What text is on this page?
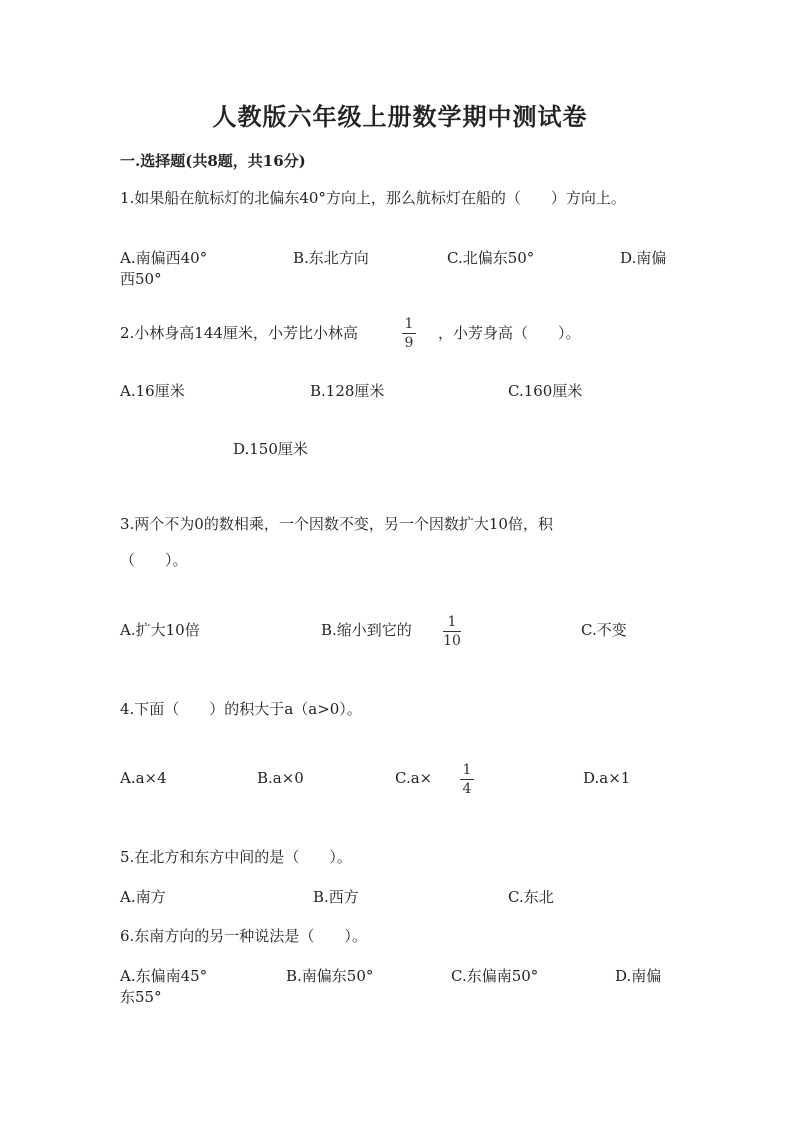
人教版六年级上册数学期中测试卷
一.选择题(共8题，共16分)
1.如果船在航标灯的北偏东40°方向上，那么航标灯在船的（　　）方向上。
A.南偏西40°	B.东北方向	C.北偏东50°	D.南偏
西50°
2.小林身高144厘米，小芳比小林高	1
9
，小芳身高（　　）。
A.16厘米	B.128厘米	C.160厘米
D.150厘米
3.两个不为0的数相乘，一个因数不变，另一个因数扩大10倍，积
（　　）。
A.扩大10倍	B.缩小到它的	1
10
C.不变
4.下面（　　）的积大于a（a>0）。
A.a×4	B.a×0	C.a× 1
4
D.a×1
5.在北方和东方中间的是（　　）。
A.南方	B.西方	C.东北
6.东南方向的另一种说法是（　　）。
A.东偏南45°	B.南偏东50°	C.东偏南50°	D.南偏
东55°
